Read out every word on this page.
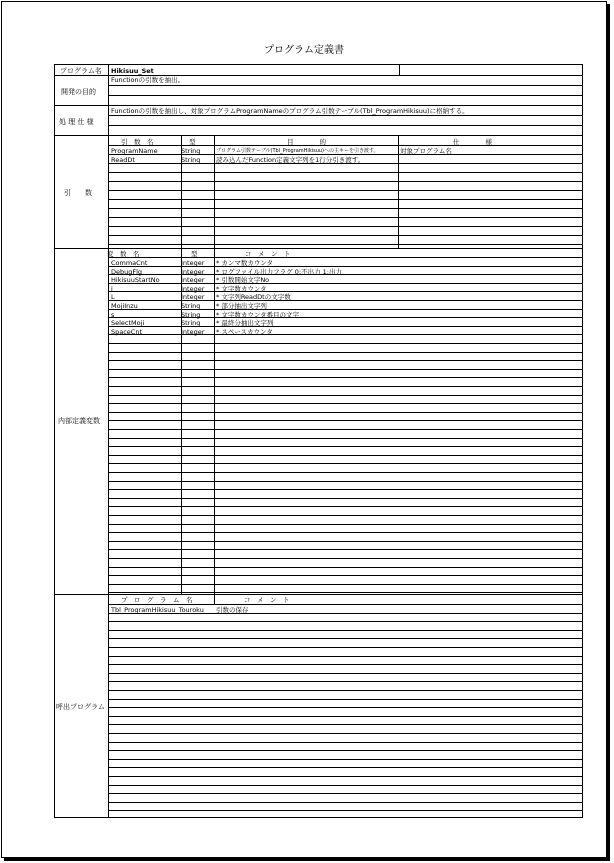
プログラム定義書
プログラム名 Hikisuu_Set
開発の目的
Functionの引数を抽出。
処 理 仕 様
Functionの引数を抽出し、対象プログラムProgramNameのプログラム引数テーブル(Tbl_ProgramHikisuu)に格納する。
引　　数
引　数　名	型	目　　　　的	仕　　　　様
ProgramName	String	プログラム引数テーブル(Tbl_ProgramHikisuu)への主キーを引き渡す。	対象プログラム名
ReadDt	String 読み込んだFunction定義文字列を1行分引き渡す。
内部定義変数
変　数　名	型	コ　メ　ン　ト
CommaCnt	Integer * カンマ数カウンタ
DebugFlg	Integer * ログファイル出力フラグ 0:不出力 1:出力
HikisuuStartNo	Integer * 引数開始文字No
i	Integer * 文字数カウンタ
L	Integer * 文字列ReadDtの文字数
MojiInzu	String * 部分抽出文字列
s	String * 文字数カウンタ番目の文字
SelectMoji	String * 最終分抽出文字列
SpaceCnt	Integer * スペースカウンタ
呼出プログラム
プ　ロ　グ　ラ　ム　名	コ　メ　ン　ト
Tbl_ProgramHikisuu_Touroku 引数の保存
